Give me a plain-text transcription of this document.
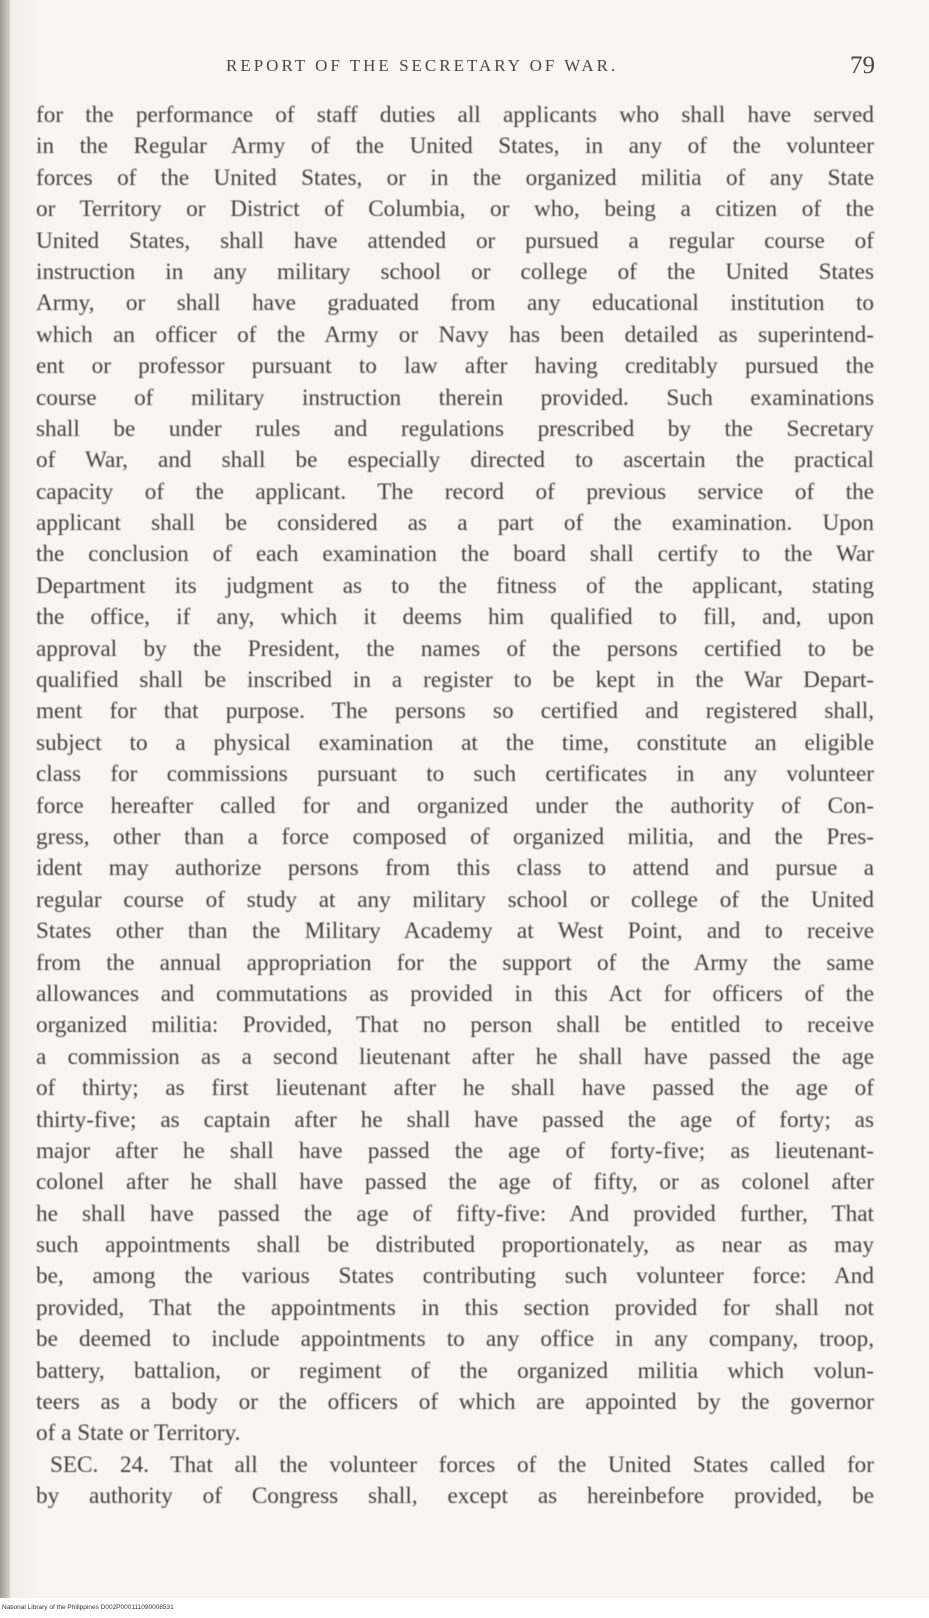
REPORT OF THE SECRETARY OF WAR.	79
for the performance of staff duties all applicants who shall have served
in the Regular Army of the United States, in any of the volunteer
forces of the United States, or in the organized militia of any State
or Territory or District of Columbia, or who, being a citizen of the
United States, shall have attended or pursued a regular course of
instruction in any military school or college of the United States
Army, or shall have graduated from any educational institution to
which an officer of the Army or Navy has been detailed as superintend-
ent or professor pursuant to law after having creditably pursued the
course of military instruction therein provided. Such examinations
shall be under rules and regulations prescribed by the Secretary
of War, and shall be especially directed to ascertain the practical
capacity of the applicant. The record of previous service of the
applicant shall be considered as a part of the examination. Upon
the conclusion of each examination the board shall certify to the War
Department its judgment as to the fitness of the applicant, stating
the office, if any, which it deems him qualified to fill, and, upon
approval by the President, the names of the persons certified to be
qualified shall be inscribed in a register to be kept in the War Depart-
ment for that purpose. The persons so certified and registered shall,
subject to a physical examination at the time, constitute an eligible
class for commissions pursuant to such certificates in any volunteer
force hereafter called for and organized under the authority of Con-
gress, other than a force composed of organized militia, and the Pres-
ident may authorize persons from this class to attend and pursue a
regular course of study at any military school or college of the United
States other than the Military Academy at West Point, and to receive
from the annual appropriation for the support of the Army the same
allowances and commutations as provided in this Act for officers of the
organized militia: Provided, That no person shall be entitled to receive
a commission as a second lieutenant after he shall have passed the age
of thirty; as first lieutenant after he shall have passed the age of
thirty-five; as captain after he shall have passed the age of forty; as
major after he shall have passed the age of forty-five; as lieutenant-
colonel after he shall have passed the age of fifty, or as colonel after
he shall have passed the age of fifty-five: And provided further, That
such appointments shall be distributed proportionately, as near as may
be, among the various States contributing such volunteer force: And
provided, That the appointments in this section provided for shall not
be deemed to include appointments to any office in any company, troop,
battery, battalion, or regiment of the organized militia which volun-
teers as a body or the officers of which are appointed by the governor
of a State or Territory.
SEC. 24. That all the volunteer forces of the United States called for
by authority of Congress shall, except as hereinbefore provided, be
National Library of the Philippines D002P000111090008531
